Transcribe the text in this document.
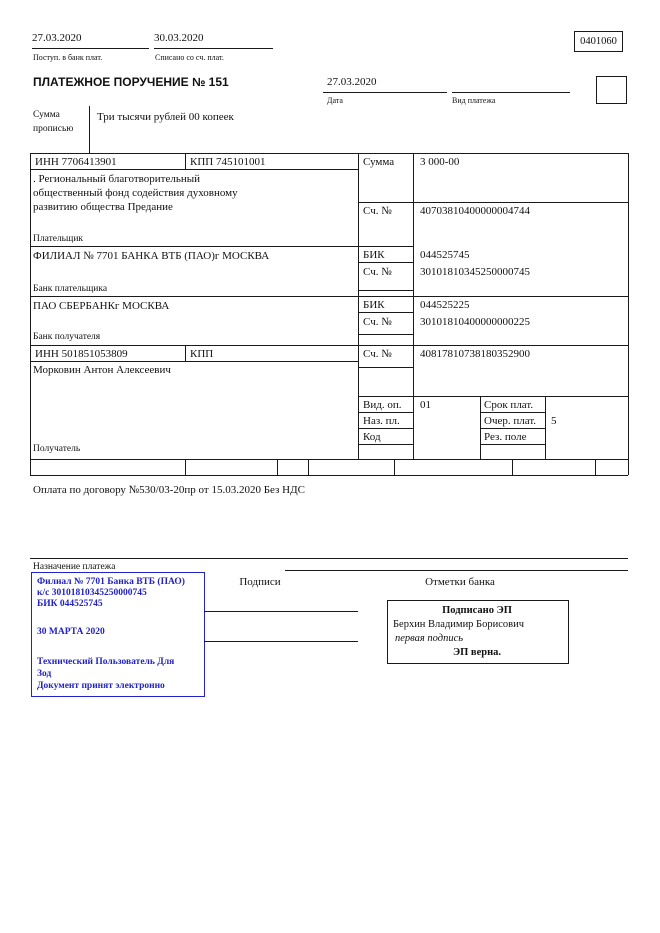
27.03.2020
Поступ. в банк плат.
30.03.2020
Списано со сч. плат.
0401060
ПЛАТЕЖНОЕ ПОРУЧЕНИЕ № 151	27.03.2020
Дата	Вид платежа
Сумма
прописью
Три тысячи рублей 00 копеек
ИНН 7706413901	КПП 745101001
. Региональный благотворительный
общественный фонд содействия духовному
развитию общества Предание
Плательщик
Сумма 3 000-00
Сч. №	40703810400000004744
ФИЛИАЛ № 7701 БАНКА ВТБ (ПАО)г МОСКВА
Банк плательщика
БИК	044525745
Сч. №	30101810345250000745
ПАО СБЕРБАНКг МОСКВА
Банк получателя
БИК	044525225
Сч. №	30101810400000000225
ИНН 501851053809	КПП
Морковин Антон Алексеевич
Получатель
Сч. №	40817810738180352900
Вид. оп. 01	Срок плат.
Наз. пл.	Очер. плат. 5
Код	Рез. поле
Оплата по договору №530/03-20пр от 15.03.2020 Без НДС
Назначение платежа
Филиал № 7701 Банка ВТБ (ПАО)
к/с 30101810345250000745
БИК 044525745
30 МАРТА 2020
Технический Пользователь Для
Зод
Документ принят электронно
Подписи	Отметки банка
Подписано ЭП
Берхин Владимир Борисович
первая подпись
ЭП верна.
